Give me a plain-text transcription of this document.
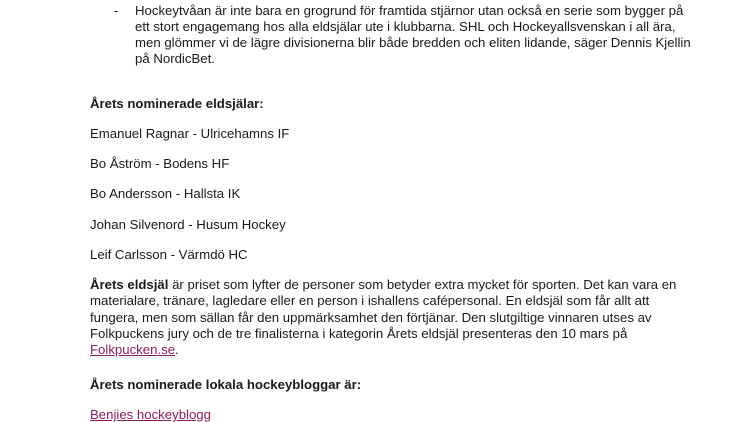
-	Hockeytvåan är inte bara en grogrund för framtida stjärnor utan också en serie som bygger på ett stort engagemang hos alla eldsjälar ute i klubbarna. SHL och Hockeyallsvenskan i all ära, men glömmer vi de lägre divisionerna blir både bredden och eliten lidande, säger Dennis Kjellin på NordicBet.

Årets nominerade eldsjälar:

Emanuel Ragnar - Ulricehamns IF

Bo Åström - Bodens HF

Bo Andersson - Hallsta IK

Johan Silvenord - Husum Hockey

Leif Carlsson - Värmdö HC

Årets eldsjäl är priset som lyfter de personer som betyder extra mycket för sporten. Det kan vara en materialare, tränare, lagledare eller en person i ishallens cafépersonal. En eldsjäl som får allt att fungera, men som sällan får den uppmärksamhet den förtjänar. Den slutgiltige vinnaren utses av Folkpuckens jury och de tre finalisterna i kategorin Årets eldsjäl presenteras den 10 mars på Folkpucken.se.

Årets nominerade lokala hockeybloggar är:

Benjies hockeyblogg
